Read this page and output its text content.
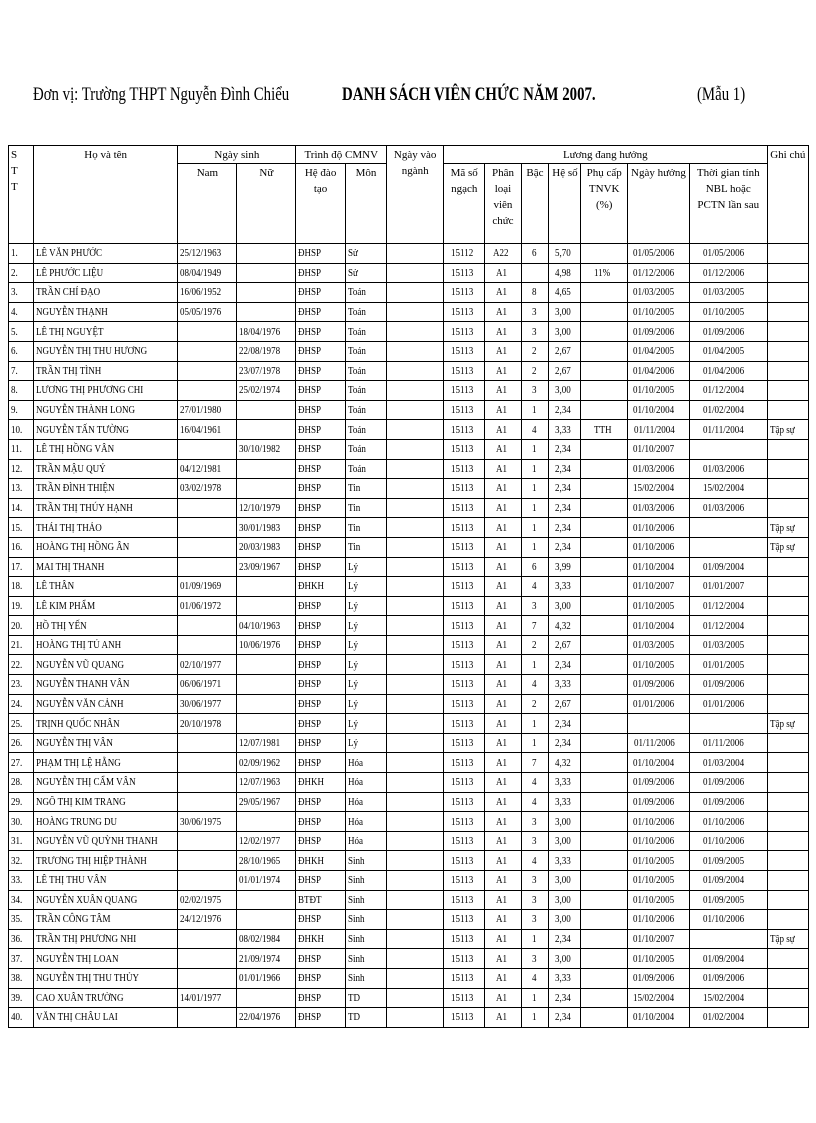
Đơn vị: Trường THPT Nguyễn Đình Chiểu	DANH SÁCH VIÊN CHỨC NĂM 2007.	(Mẫu 1)
S
T
T	Họ và tên	Ngày sinh		Trình độ CMNV		Ngày vào ngành	Lương đang hưởng							Ghi chú
		Nam	Nữ	Hệ đào tạo	Môn		Mã số ngạch	Phân loại viên chức	Bậc	Hệ số	Phụ cấp TNVK (%)	Ngày hưởng	Thời gian tính NBL hoặc PCTN lần sau	
1.	LÊ VĂN PHƯỚC	25/12/1963		ĐHSP	Sử		15112	A22	6	5,70		01/05/2006	01/05/2006	
2.	LÊ PHƯỚC LIỆU	08/04/1949		ĐHSP	Sử		15113	A1		4,98	11%	01/12/2006	01/12/2006	
3.	TRẦN CHÍ ĐẠO	16/06/1952		ĐHSP	Toán		15113	A1	8	4,65		01/03/2005	01/03/2005	
4.	NGUYỄN THẠNH	05/05/1976		ĐHSP	Toán		15113	A1	3	3,00		01/10/2005	01/10/2005	
5.	LÊ THỊ NGUYỆT		18/04/1976	ĐHSP	Toán		15113	A1	3	3,00		01/09/2006	01/09/2006	
6.	NGUYỄN THỊ THU HƯƠNG		22/08/1978	ĐHSP	Toán		15113	A1	2	2,67		01/04/2005	01/04/2005	
7.	TRẦN THỊ TÌNH		23/07/1978	ĐHSP	Toán		15113	A1	2	2,67		01/04/2006	01/04/2006	
8.	LƯƠNG THỊ PHƯƠNG CHI		25/02/1974	ĐHSP	Toán		15113	A1	3	3,00		01/10/2005	01/12/2004	
9.	NGUYỄN THÀNH LONG	27/01/1980		ĐHSP	Toán		15113	A1	1	2,34		01/10/2004	01/02/2004	
10.	NGUYỄN TẤN TƯỜNG	16/04/1961		ĐHSP	Toán		15113	A1	4	3,33	TTH	01/11/2004	01/11/2004	Tập sự
11.	LÊ THỊ HỒNG VÂN		30/10/1982	ĐHSP	Toán		15113	A1	1	2,34		01/10/2007		
12.	TRẦN MẬU QUÝ	04/12/1981		ĐHSP	Toán		15113	A1	1	2,34		01/03/2006	01/03/2006	
13.	TRẦN ĐÌNH THIỆN	03/02/1978		ĐHSP	Tin		15113	A1	1	2,34		15/02/2004	15/02/2004	
14.	TRẦN THỊ THÚY HẠNH		12/10/1979	ĐHSP	Tin		15113	A1	1	2,34		01/03/2006	01/03/2006	
15.	THÁI THỊ THẢO		30/01/1983	ĐHSP	Tin		15113	A1	1	2,34		01/10/2006		Tập sự
16.	HOÀNG THỊ HỒNG ÂN		20/03/1983	ĐHSP	Tin		15113	A1	1	2,34		01/10/2006		Tập sự
17.	MAI THỊ THANH		23/09/1967	ĐHSP	Lý		15113	A1	6	3,99		01/10/2004	01/09/2004	
18.	LÊ THÂN	01/09/1969		ĐHKH	Lý		15113	A1	4	3,33		01/10/2007	01/01/2007	
19.	LÊ KIM PHẨM	01/06/1972		ĐHSP	Lý		15113	A1	3	3,00		01/10/2005	01/12/2004	
20.	HỒ THỊ YẾN		04/10/1963	ĐHSP	Lý		15113	A1	7	4,32		01/10/2004	01/12/2004	
21.	HOÀNG THỊ TÚ ANH		10/06/1976	ĐHSP	Lý		15113	A1	2	2,67		01/03/2005	01/03/2005	
22.	NGUYỄN VŨ QUANG	02/10/1977		ĐHSP	Lý		15113	A1	1	2,34		01/10/2005	01/01/2005	
23.	NGUYỄN THANH VÂN	06/06/1971		ĐHSP	Lý		15113	A1	4	3,33		01/09/2006	01/09/2006	
24.	NGUYỄN VĂN CẢNH	30/06/1977		ĐHSP	Lý		15113	A1	2	2,67		01/01/2006	01/01/2006	
25.	TRỊNH QUỐC NHÂN	20/10/1978		ĐHSP	Lý		15113	A1	1	2,34				Tập sự
26.	NGUYỄN THỊ VÂN		12/07/1981	ĐHSP	Lý		15113	A1	1	2,34		01/11/2006	01/11/2006	
27.	PHẠM THỊ LỆ HẰNG		02/09/1962	ĐHSP	Hóa		15113	A1	7	4,32		01/10/2004	01/03/2004	
28.	NGUYỄN THỊ CẨM VÂN		12/07/1963	ĐHKH	Hóa		15113	A1	4	3,33		01/09/2006	01/09/2006	
29.	NGÔ THỊ KIM TRANG		29/05/1967	ĐHSP	Hóa		15113	A1	4	3,33		01/09/2006	01/09/2006	
30.	HOÀNG TRUNG DU	30/06/1975		ĐHSP	Hóa		15113	A1	3	3,00		01/10/2006	01/10/2006	
31.	NGUYỄN VŨ QUỲNH THANH		12/02/1977	ĐHSP	Hóa		15113	A1	3	3,00		01/10/2006	01/10/2006	
32.	TRƯƠNG THỊ HIỆP THÀNH		28/10/1965	ĐHKH	Sinh		15113	A1	4	3,33		01/10/2005	01/09/2005	
33.	LÊ THỊ THU VÂN		01/01/1974	ĐHSP	Sinh		15113	A1	3	3,00		01/10/2005	01/09/2004	
34.	NGUYỄN XUÂN QUANG	02/02/1975		BTĐT	Sinh		15113	A1	3	3,00		01/10/2005	01/09/2005	
35.	TRẦN CÔNG TÂM	24/12/1976		ĐHSP	Sinh		15113	A1	3	3,00		01/10/2006	01/10/2006	
36.	TRẦN THỊ PHƯƠNG NHI		08/02/1984	ĐHKH	Sinh		15113	A1	1	2,34		01/10/2007		Tập sự
37.	NGUYỄN THỊ LOAN		21/09/1974	ĐHSP	Sinh		15113	A1	3	3,00		01/10/2005	01/09/2004	
38.	NGUYỄN THỊ THU THỦY		01/01/1966	ĐHSP	Sinh		15113	A1	4	3,33		01/09/2006	01/09/2006	
39.	CAO XUÂN TRƯỜNG	14/01/1977		ĐHSP	TD		15113	A1	1	2,34		15/02/2004	15/02/2004	
40.	VĂN THỊ CHÂU LAI		22/04/1976	ĐHSP	TD		15113	A1	1	2,34		01/10/2004	01/02/2004	
